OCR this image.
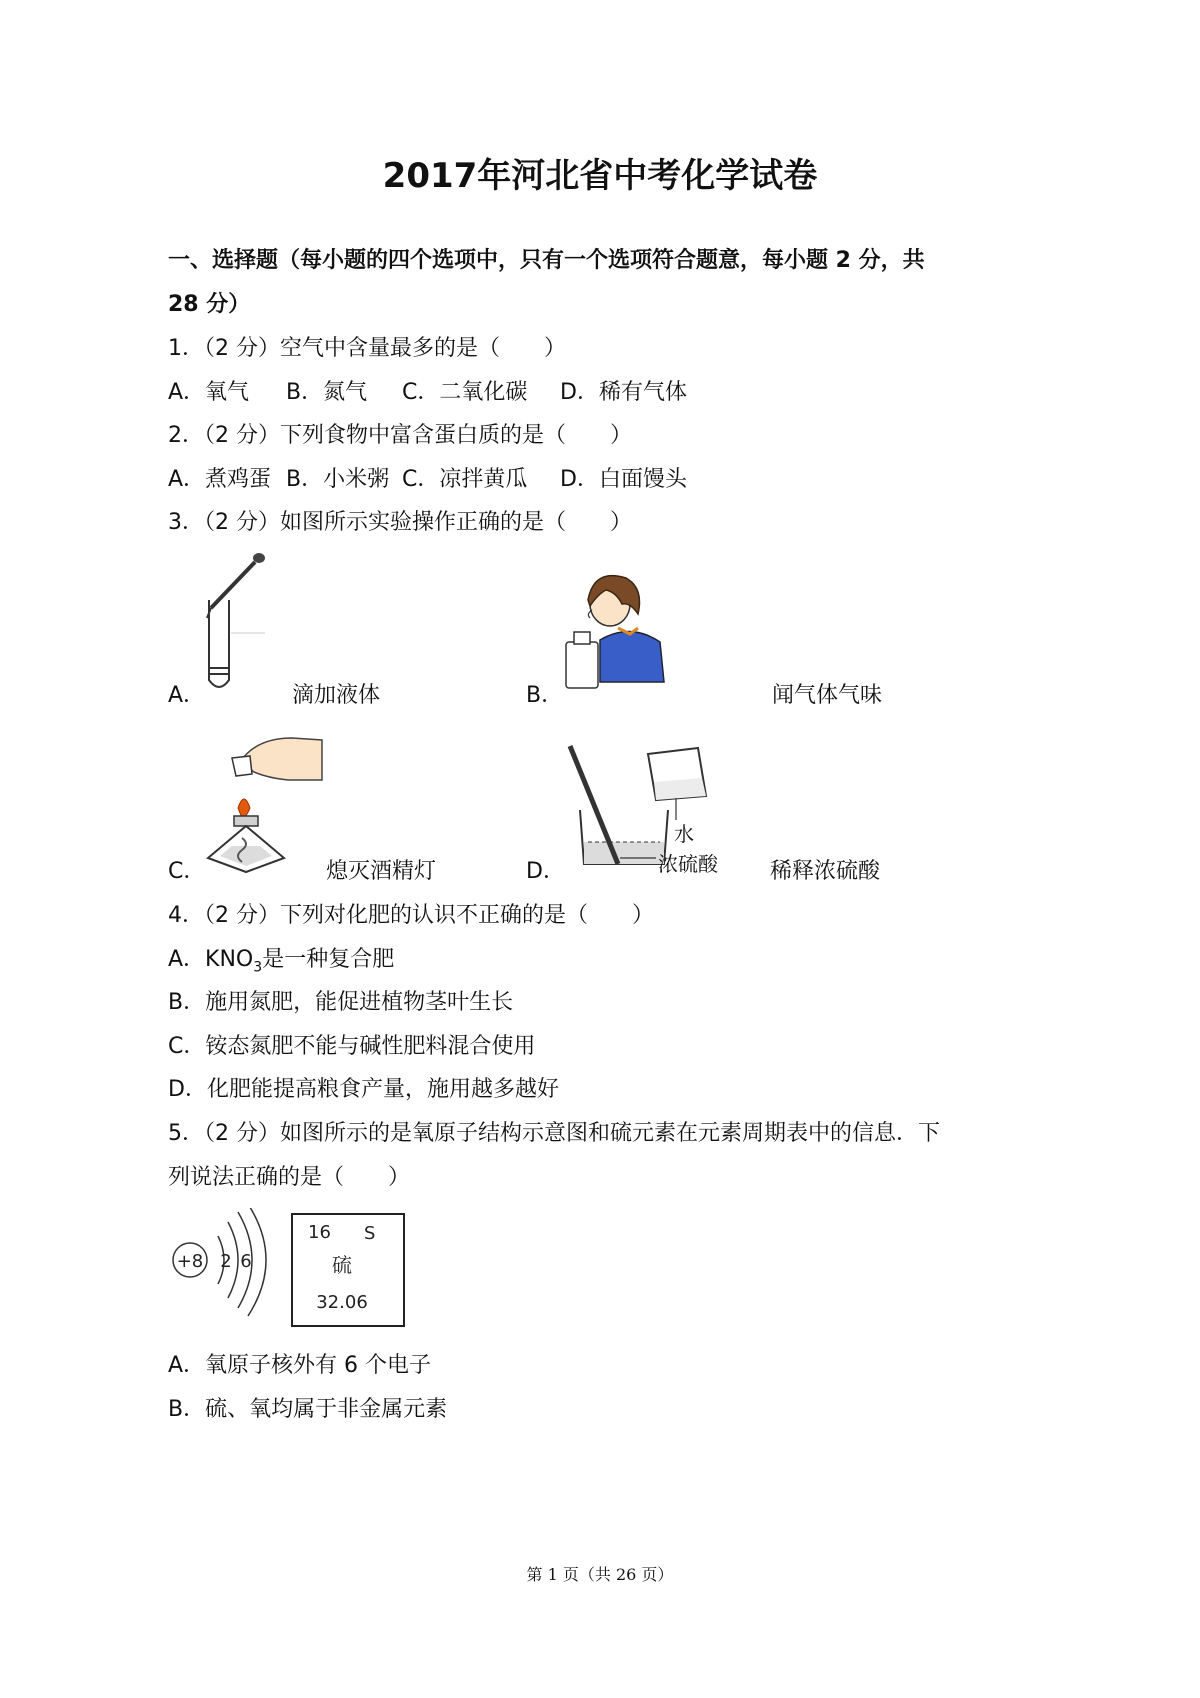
2017年河北省中考化学试卷
一、选择题（每小题的四个选项中，只有一个选项符合题意，每小题 2 分，共
28 分）
1．（2 分）空气中含量最多的是（　　）
A．氧气 B．氮气 C．二氧化碳 D．稀有气体
2．（2 分）下列食物中富含蛋白质的是（　　）
A．煮鸡蛋 B．小米粥 C．凉拌黄瓜 D．白面馒头
3．（2 分）如图所示实验操作正确的是（　　）
A．	滴加液体	B．	闻气体气味
C．	熄灭酒精灯	D．
水
浓硫酸 稀释浓硫酸
4．（2 分）下列对化肥的认识不正确的是（　　）
A．$KNO_3$是一种复合肥
B．施用氮肥，能促进植物茎叶生长
C．铵态氮肥不能与碱性肥料混合使用
D．化肥能提高粮食产量，施用越多越好
5．（2 分）如图所示的是氧原子结构示意图和硫元素在元素周期表中的信息．下
列说法正确的是（　　）
+8 2 6
16 S
硫
32.06
A．氧原子核外有 6 个电子
B．硫、氧均属于非金属元素
第 1 页（共 26 页）
